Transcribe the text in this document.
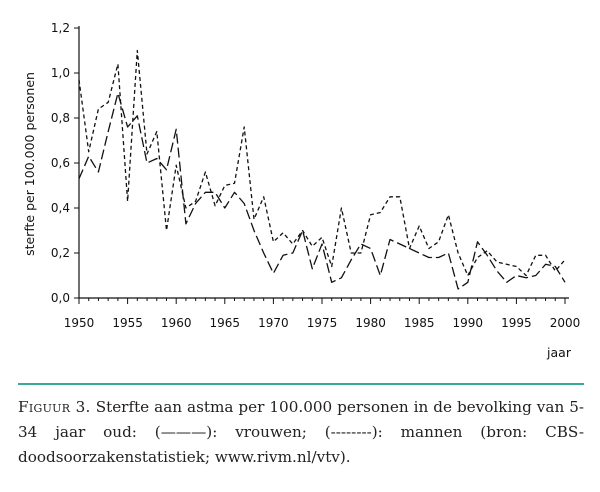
0,0
0,2
0,4
0,6
0,8
1,0
1,2
1950 1955 1960 1965 1970 1975 1980 1985 1990 1995 2000
sterfte per 100.000 personen
jaar
Figuur 3. Sterfte aan astma per 100.000 personen in de bevolking van 5-34 jaar oud: (———): vrouwen; (--------): mannen (bron: CBS-doodsoorzakenstatistiek; www.rivm.nl/vtv).
